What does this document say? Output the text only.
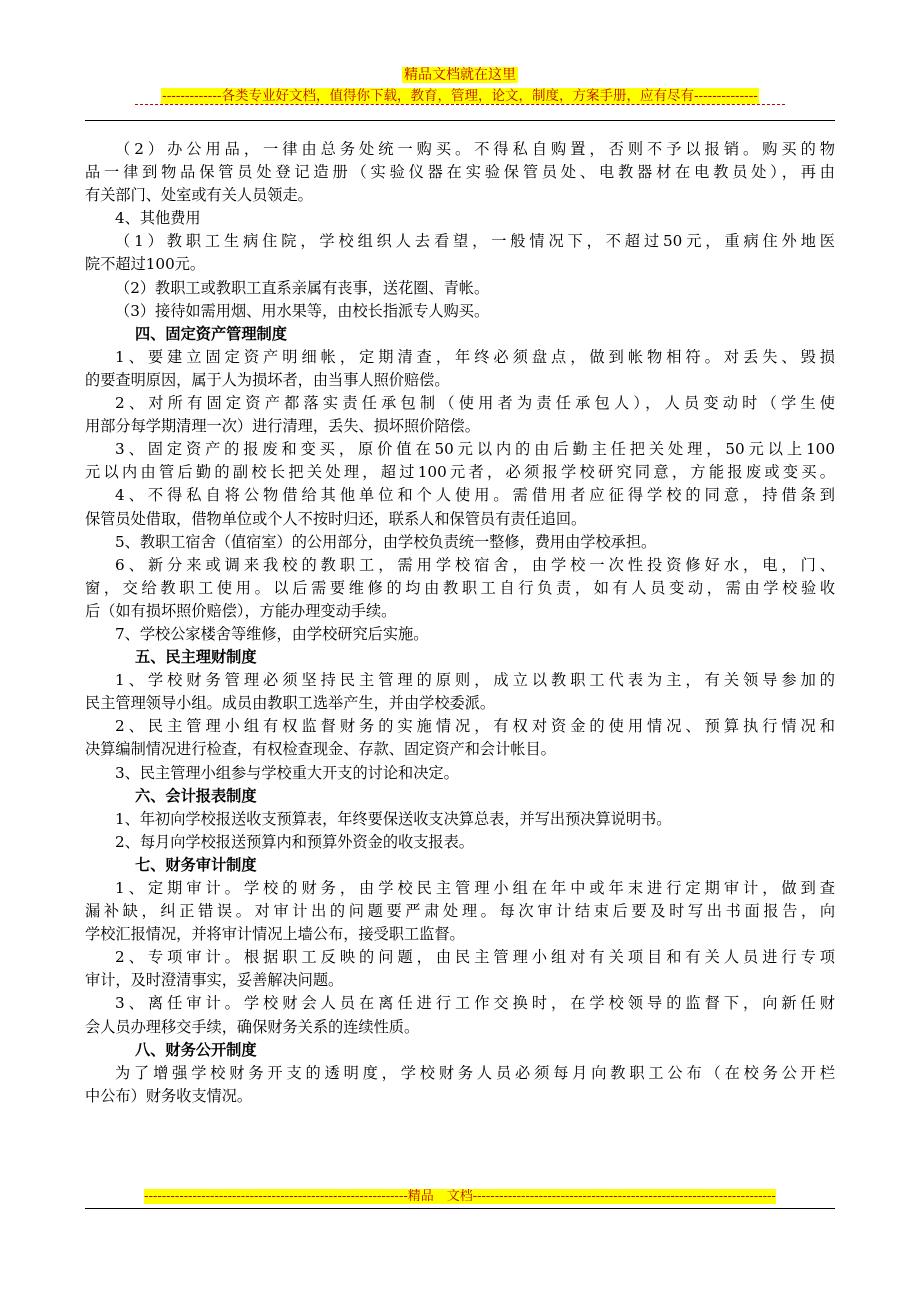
精品文档就在这里
-------------各类专业好文档，值得你下载，教育，管理，论文，制度，方案手册，应有尽有--------------
（2）办公用品，一律由总务处统一购买。不得私自购置，否则不予以报销。购买的物
品一律到物品保管员处登记造册（实验仪器在实验保管员处、电教器材在电教员处），再由
有关部门、处室或有关人员领走。
4、其他费用
（1）教职工生病住院，学校组织人去看望，一般情况下，不超过50元，重病住外地医
院不超过100元。
（2）教职工或教职工直系亲属有丧事，送花圈、青帐。
（3）接待如需用烟、用水果等，由校长指派专人购买。
四、固定资产管理制度
1、要建立固定资产明细帐，定期清查，年终必须盘点，做到帐物相符。对丢失、毁损
的要查明原因，属于人为损坏者，由当事人照价赔偿。
2、对所有固定资产都落实责任承包制（使用者为责任承包人），人员变动时（学生使
用部分每学期清理一次）进行清理，丢失、损坏照价陪偿。
3、固定资产的报废和变买，原价值在50元以内的由后勤主任把关处理，50元以上100
元以内由管后勤的副校长把关处理，超过100元者，必须报学校研究同意，方能报废或变买。
4、不得私自将公物借给其他单位和个人使用。需借用者应征得学校的同意，持借条到
保管员处借取，借物单位或个人不按时归还，联系人和保管员有责任追回。
5、教职工宿舍（值宿室）的公用部分，由学校负责统一整修，费用由学校承担。
6、新分来或调来我校的教职工，需用学校宿舍，由学校一次性投资修好水，电，门、
窗，交给教职工使用。以后需要维修的均由教职工自行负责，如有人员变动，需由学校验收
后（如有损坏照价赔偿），方能办理变动手续。
7、学校公家楼舍等维修，由学校研究后实施。
五、民主理财制度
1、学校财务管理必须坚持民主管理的原则，成立以教职工代表为主，有关领导参加的
民主管理领导小组。成员由教职工选举产生，并由学校委派。
2、民主管理小组有权监督财务的实施情况，有权对资金的使用情况、预算执行情况和
决算编制情况进行检查，有权检查现金、存款、固定资产和会计帐目。
3、民主管理小组参与学校重大开支的讨论和决定。
六、会计报表制度
1、年初向学校报送收支预算表，年终要保送收支决算总表，并写出预决算说明书。
2、每月向学校报送预算内和预算外资金的收支报表。
七、财务审计制度
1、定期审计。学校的财务，由学校民主管理小组在年中或年末进行定期审计，做到查
漏补缺，纠正错误。对审计出的问题要严肃处理。每次审计结束后要及时写出书面报告，向
学校汇报情况，并将审计情况上墙公布，接受职工监督。
2、专项审计。根据职工反映的问题，由民主管理小组对有关项目和有关人员进行专项
审计，及时澄清事实，妥善解决问题。
3、离任审计。学校财会人员在离任进行工作交换时，在学校领导的监督下，向新任财
会人员办理移交手续，确保财务关系的连续性质。
八、财务公开制度
为了增强学校财务开支的透明度，学校财务人员必须每月向教职工公布（在校务公开栏
中公布）财务收支情况。
------------------------------------------------------------精品　文档---------------------------------------------------------------------
